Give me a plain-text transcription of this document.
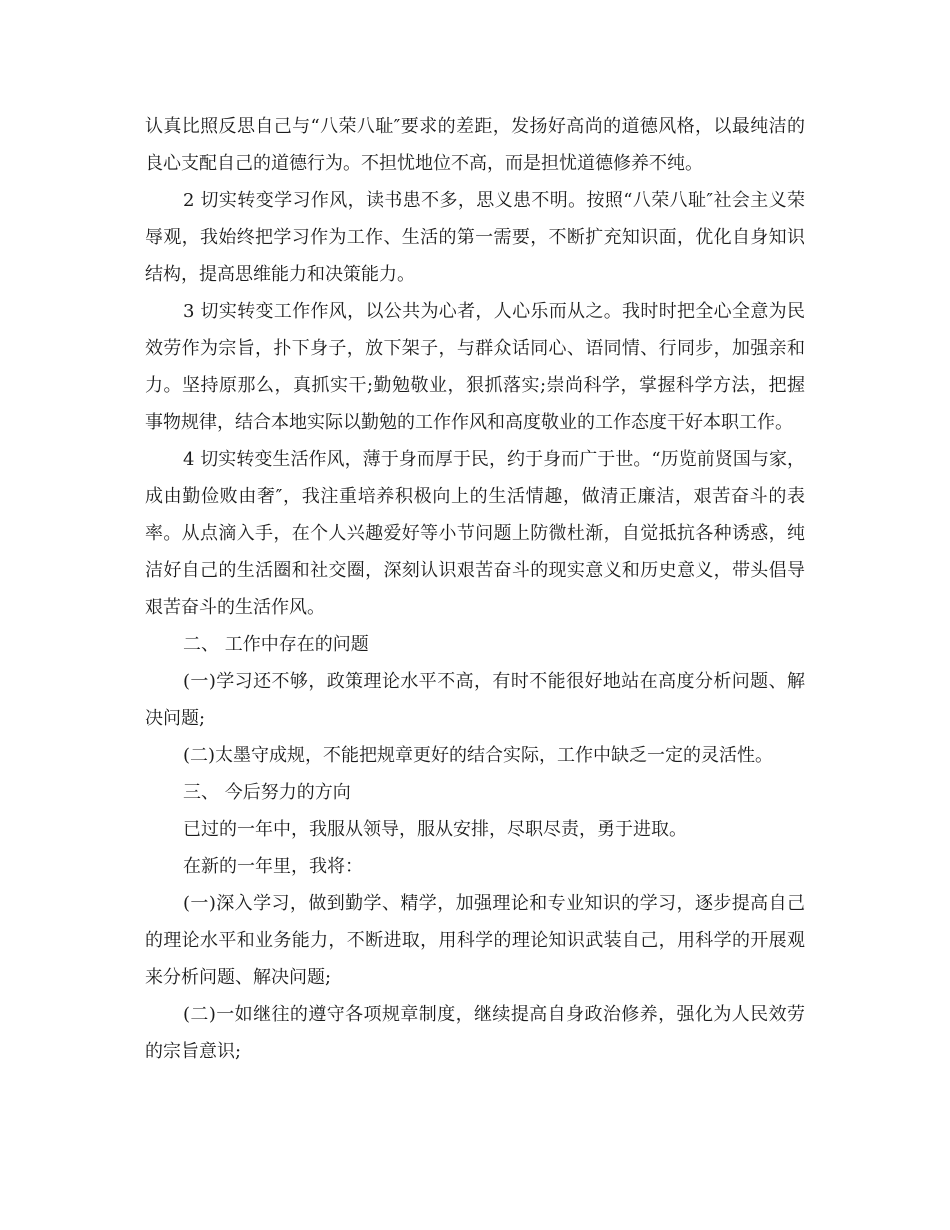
认真比照反思自己与“八荣八耻″要求的差距，发扬好高尚的道德风格，以最纯洁的良心支配自己的道德行为。不担忧地位不高，而是担忧道德修养不纯。

2 切实转变学习作风，读书患不多，思义患不明。按照“八荣八耻″社会主义荣辱观，我始终把学习作为工作、生活的第一需要，不断扩充知识面，优化自身知识结构，提高思维能力和决策能力。

3 切实转变工作作风，以公共为心者，人心乐而从之。我时时把全心全意为民效劳作为宗旨，扑下身子，放下架子，与群众话同心、语同情、行同步，加强亲和力。坚持原那么，真抓实干;勤勉敬业，狠抓落实;崇尚科学，掌握科学方法，把握事物规律，结合本地实际以勤勉的工作作风和高度敬业的工作态度干好本职工作。

4 切实转变生活作风，薄于身而厚于民，约于身而广于世。“历览前贤国与家，成由勤俭败由奢″，我注重培养积极向上的生活情趣，做清正廉洁，艰苦奋斗的表率。从点滴入手，在个人兴趣爱好等小节问题上防微杜渐，自觉抵抗各种诱惑，纯洁好自己的生活圈和社交圈，深刻认识艰苦奋斗的现实意义和历史意义，带头倡导艰苦奋斗的生活作风。

二、 工作中存在的问题

(一)学习还不够，政策理论水平不高，有时不能很好地站在高度分析问题、解决问题;

(二)太墨守成规，不能把规章更好的结合实际，工作中缺乏一定的灵活性。

三、 今后努力的方向

已过的一年中，我服从领导，服从安排，尽职尽责，勇于进取。

在新的一年里，我将：

(一)深入学习，做到勤学、精学，加强理论和专业知识的学习，逐步提高自己的理论水平和业务能力，不断进取，用科学的理论知识武装自己，用科学的开展观来分析问题、解决问题;

(二)一如继往的遵守各项规章制度，继续提高自身政治修养，强化为人民效劳的宗旨意识;
